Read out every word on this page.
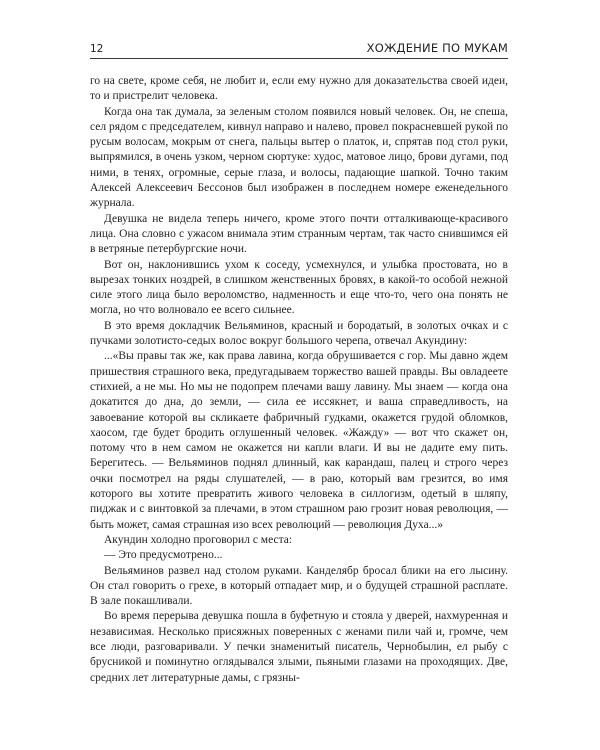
12	ХОЖДЕНИЕ ПО МУКАМ

го на свете, кроме себя, не любит и, если ему нужно для доказательства своей идеи, то и пристрелит человека.

Когда она так думала, за зеленым столом появился новый человек. Он, не спеша, сел рядом с председателем, кивнул направо и налево, провел покрасневшей рукой по русым волосам, мокрым от снега, пальцы вытер о платок, и, спрятав под стол руки, выпрямился, в очень узком, черном сюртуке: худос, матовое лицо, брови дугами, под ними, в тенях, огромные, серые глаза, и волосы, падающие шапкой. Точно таким Алексей Алексеевич Бессонов был изображен в последнем номере еженедельного журнала.

Девушка не видела теперь ничего, кроме этого почти отталкивающе-красивого лица. Она словно с ужасом внимала этим странным чертам, так часто снившимся ей в ветряные петербургские ночи.

Вот он, наклонившись ухом к соседу, усмехнулся, и улыбка простовата, но в вырезах тонких ноздрей, в слишком женственных бровях, в какой-то особой нежной силе этого лица было вероломство, надменность и еще что-то, чего она понять не могла, но что волновало ее всего сильнее.

В это время докладчик Вельяминов, красный и бородатый, в золотых очках и с пучками золотисто-седых волос вокруг большого черепа, отвечал Акундину:

...«Вы правы так же, как права лавина, когда обрушивается с гор. Мы давно ждем пришествия страшного века, предугадываем торжество вашей правды. Вы овладеете стихией, а не мы. Но мы не подопрем плечами вашу лавину. Мы знаем — когда она докатится до дна, до земли, — сила ее иссякнет, и ваша справедливость, на завоевание которой вы скликаете фабричный гудками, окажется грудой обломков, хаосом, где будет бродить оглушенный человек. «Жажду» — вот что скажет он, потому что в нем самом не окажется ни капли влаги. И вы не дадите ему пить. Берегитесь. — Вельяминов поднял длинный, как карандаш, палец и строго через очки посмотрел на ряды слушателей, — в раю, который вам грезится, во имя которого вы хотите превратить живого человека в силлогизм, одетый в шляпу, пиджак и с винтовкой за плечами, в этом страшном раю грозит новая революция, — быть может, самая страшная изо всех революций — революция Духа...»

Акундин холодно проговорил с места:

— Это предусмотрено...

Вельяминов развел над столом руками. Канделябр бросал блики на его лысину. Он стал говорить о грехе, в который отпадает мир, и о будущей страшной расплате. В зале покашливали.

Во время перерыва девушка пошла в буфетную и стояла у дверей, нахмуренная и независимая. Несколько присяжных поверенных с женами пили чай и, громче, чем все люди, разговаривали. У печки знаменитый писатель, Чернобылин, ел рыбу с брусникой и поминутно оглядывался злыми, пьяными глазами на проходящих. Две, средних лет литературные дамы, с грязны-
